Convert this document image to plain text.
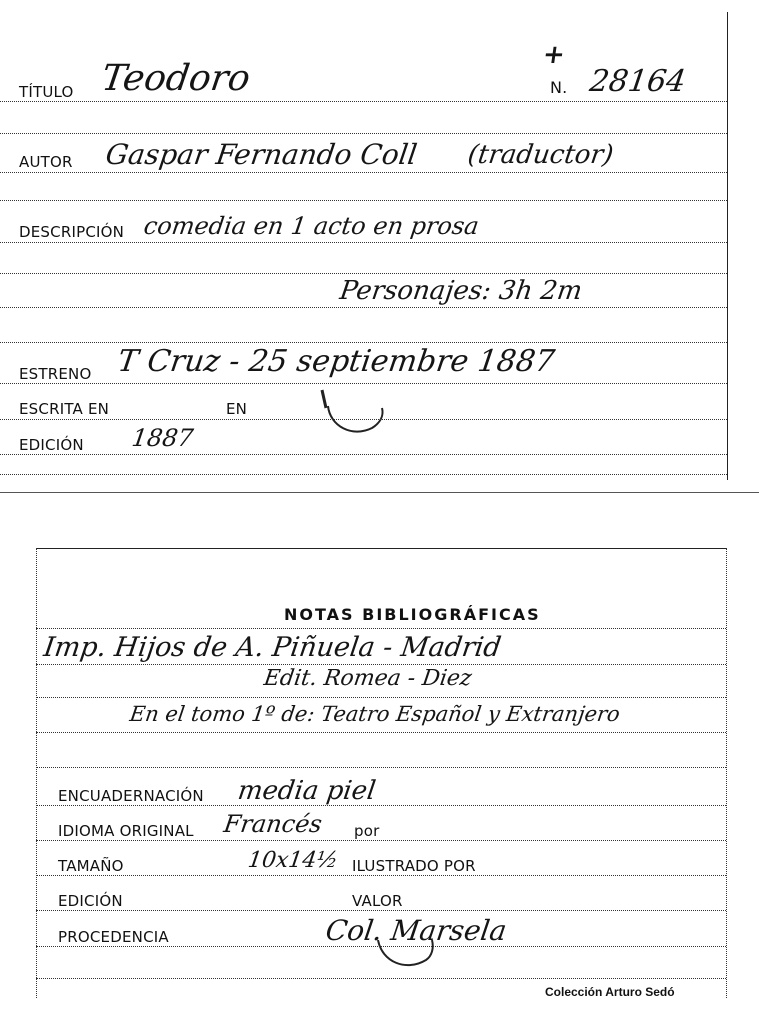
+
N. 28164
TÍTULO Teodoro
AUTOR Gaspar Fernando Coll (traductor)
DESCRIPCIÓN comedia en 1 acto en prosa
Personajes: 3h 2m
ESTRENO T Cruz - 25 septiembre 1887
ESCRITA EN	EN
EDICIÓN 1887
NOTAS BIBLIOGRÁFICAS
Imp. Hijos de A. Piñuela - Madrid
Edit. Romea - Diez
En el tomo 1º de: Teatro Español y Extranjero
ENCUADERNACIÓN media piel
IDIOMA ORIGINAL Francés por
TAMAÑO	10x14½ ILUSTRADO POR
EDICIÓN	VALOR
PROCEDENCIA	Col. Marsela
Colección Arturo Sedó
